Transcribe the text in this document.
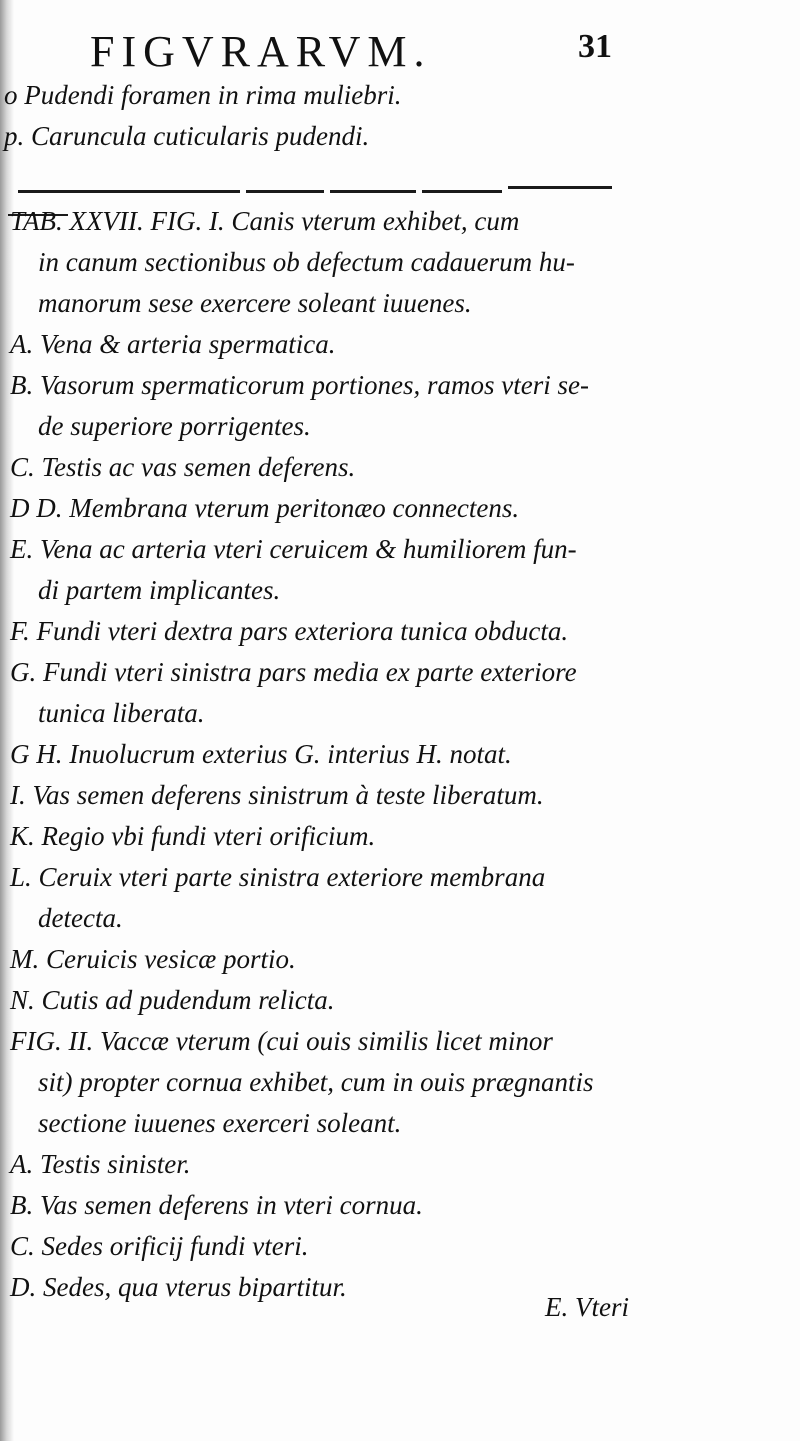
FIGVRARVM.	31
o Pudendi foramen in rima muliebri.
p. Caruncula cuticularis pudendi.
TAB. XXVII. FIG. I. Canis vterum exhibet, cum
in canum sectionibus ob defectum cadauerum hu-
manorum sese exercere soleant iuuenes.
A. Vena & arteria spermatica.
B. Vasorum spermaticorum portiones, ramos vteri se-
de superiore porrigentes.
C. Testis ac vas semen deferens.
D D. Membrana vterum peritonæo connectens.
E. Vena ac arteria vteri ceruicem & humiliorem fun-
di partem implicantes.
F. Fundi vteri dextra pars exteriora tunica obducta.
G. Fundi vteri sinistra pars media ex parte exteriore
tunica liberata.
G H. Inuolucrum exterius G. interius H. notat.
I. Vas semen deferens sinistrum à teste liberatum.
K. Regio vbi fundi vteri orificium.
L. Ceruix vteri parte sinistra exteriore membrana
detecta.
M. Ceruicis vesicæ portio.
N. Cutis ad pudendum relicta.
FIG. II. Vaccæ vterum (cui ouis similis licet minor
sit) propter cornua exhibet, cum in ouis prægnantis
sectione iuuenes exerceri soleant.
A. Testis sinister.
B. Vas semen deferens in vteri cornua.
C. Sedes orificij fundi vteri.
D. Sedes, qua vterus bipartitur.
E. Vteri
